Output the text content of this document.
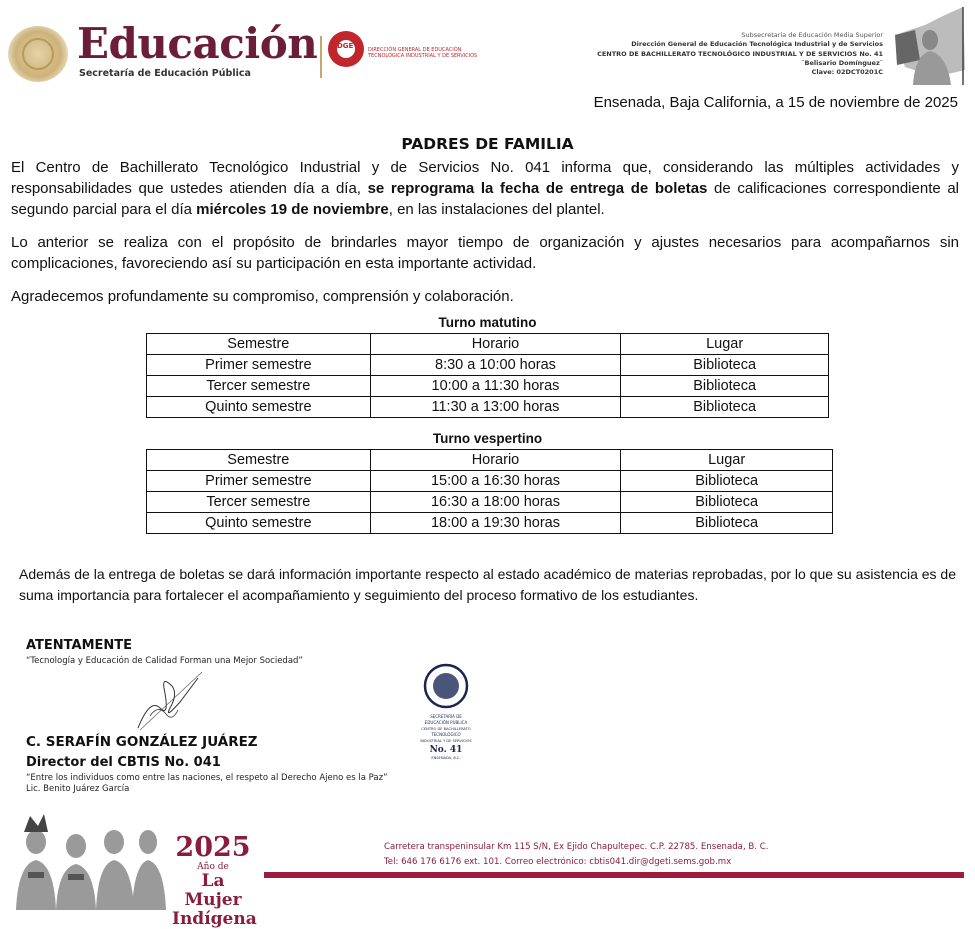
Educación
Secretaría de Educación Pública
DGETI DIRECCIÓN GENERAL DE EDUCACIÓN
TECNOLÓGICA INDUSTRIAL Y DE SERVICIOS
Subsecretaría de Educación Media Superior
Dirección General de Educación Tecnológica Industrial y de Servicios
CENTRO DE BACHILLERATO TECNOLÓGICO INDUSTRIAL Y DE SERVICIOS No. 41
¨Belisario Domínguez¨
Clave: 02DCT0201C
Ensenada, Baja California, a 15 de noviembre de 2025
PADRES DE FAMILIA
El Centro de Bachillerato Tecnológico Industrial y de Servicios No. 041 informa que, considerando las múltiples actividades y responsabilidades que ustedes atienden día a día, se reprograma la fecha de entrega de boletas de calificaciones correspondiente al segundo parcial para el día miércoles 19 de noviembre, en las instalaciones del plantel.
Lo anterior se realiza con el propósito de brindarles mayor tiempo de organización y ajustes necesarios para acompañarnos sin complicaciones, favoreciendo así su participación en esta importante actividad.
Agradecemos profundamente su compromiso, comprensión y colaboración.
Turno matutino
Semestre	Horario	Lugar
Primer semestre	8:30 a 10:00 horas	Biblioteca
Tercer semestre	10:00 a 11:30 horas	Biblioteca
Quinto semestre	11:30 a 13:00 horas	Biblioteca
Turno vespertino
Semestre	Horario	Lugar
Primer semestre	15:00 a 16:30 horas	Biblioteca
Tercer semestre	16:30 a 18:00 horas	Biblioteca
Quinto semestre	18:00 a 19:30 horas	Biblioteca
Además de la entrega de boletas se dará información importante respecto al estado académico de materias reprobadas, por lo que su asistencia es de suma importancia para fortalecer el acompañamiento y seguimiento del proceso formativo de los estudiantes.
ATENTAMENTE
“Tecnología y Educación de Calidad Forman una Mejor Sociedad”
SECRETARÍA DE
EDUCACIÓN PÚBLICA
CENTRO DE BACHILLERATO
TECNOLÓGICO
INDUSTRIAL Y DE SERVICIOS
No. 41
ENSENADA, B.C.
C. SERAFÍN GONZÁLEZ JUÁREZ
Director del CBTIS No. 041
“Entre los individuos como entre las naciones, el respeto al Derecho Ajeno es la Paz”
Lic. Benito Juárez García
2025
Año de
La Mujer
Indígena
Carretera transpeninsular Km 115 S/N, Ex Ejido Chapultepec. C.P. 22785. Ensenada, B. C.
Tel: 646 176 6176 ext. 101. Correo electrónico: cbtis041.dir@dgeti.sems.gob.mx
